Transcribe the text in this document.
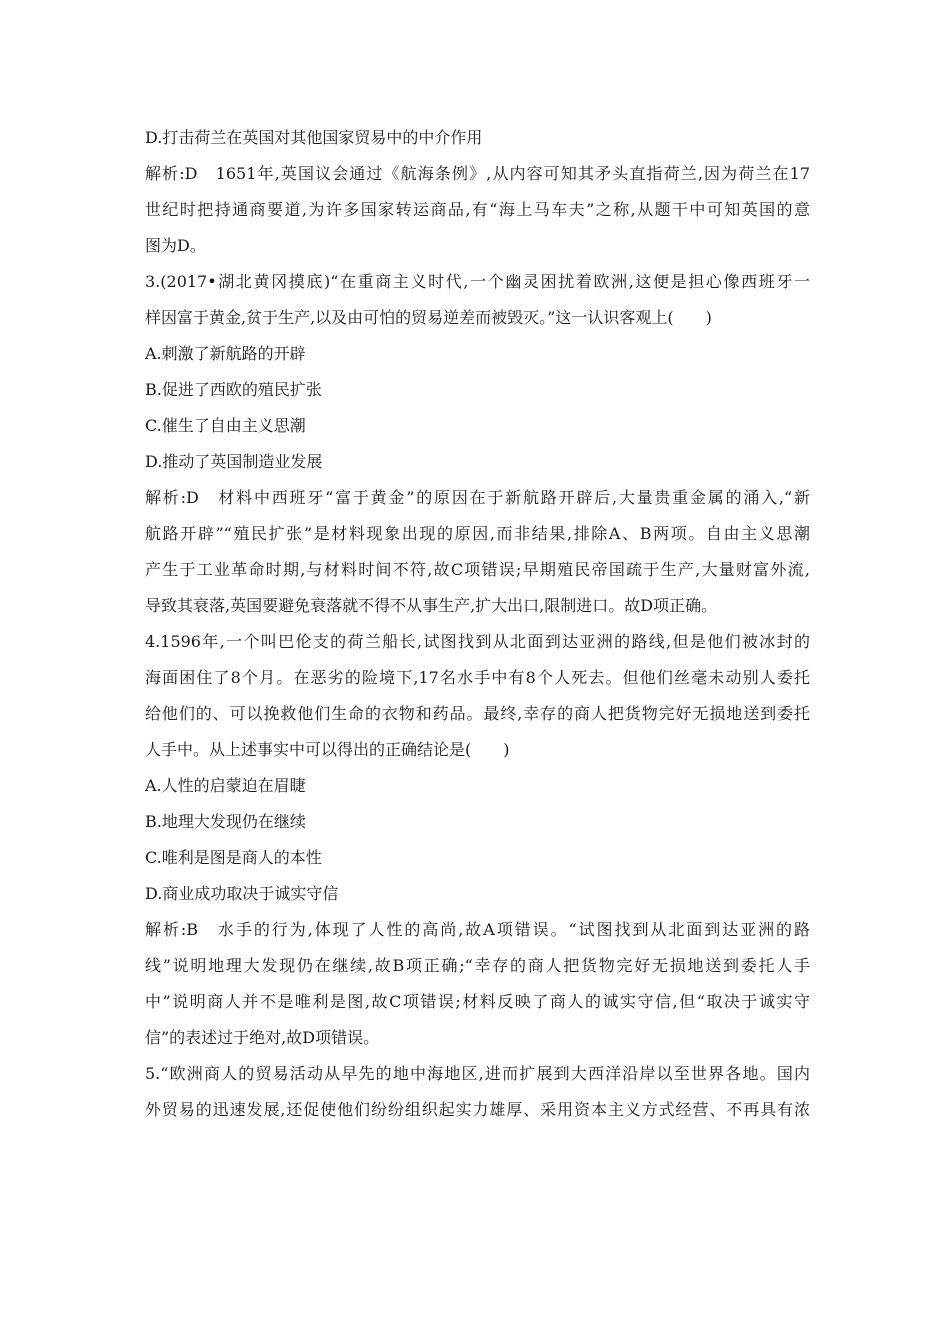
D.打击荷兰在英国对其他国家贸易中的中介作用
解析:D　1651年,英国议会通过《航海条例》,从内容可知其矛头直指荷兰,因为荷兰在17
世纪时把持通商要道,为许多国家转运商品,有“海上马车夫”之称,从题干中可知英国的意
图为D。
3.(2017•湖北黄冈摸底)“在重商主义时代,一个幽灵困扰着欧洲,这便是担心像西班牙一
样因富于黄金,贫于生产,以及由可怕的贸易逆差而被毁灭。”这一认识客观上(　　)
A.刺激了新航路的开辟
B.促进了西欧的殖民扩张
C.催生了自由主义思潮
D.推动了英国制造业发展
解析:D　材料中西班牙“富于黄金”的原因在于新航路开辟后,大量贵重金属的涌入,“新
航路开辟”“殖民扩张”是材料现象出现的原因,而非结果,排除A、B两项。自由主义思潮
产生于工业革命时期,与材料时间不符,故C项错误;早期殖民帝国疏于生产,大量财富外流,
导致其衰落,英国要避免衰落就不得不从事生产,扩大出口,限制进口。故D项正确。
4.1596年,一个叫巴伦支的荷兰船长,试图找到从北面到达亚洲的路线,但是他们被冰封的
海面困住了8个月。在恶劣的险境下,17名水手中有8个人死去。但他们丝毫未动别人委托
给他们的、可以挽救他们生命的衣物和药品。最终,幸存的商人把货物完好无损地送到委托
人手中。从上述事实中可以得出的正确结论是(　　)
A.人性的启蒙迫在眉睫
B.地理大发现仍在继续
C.唯利是图是商人的本性
D.商业成功取决于诚实守信
解析:B　水手的行为,体现了人性的高尚,故A项错误。“试图找到从北面到达亚洲的路
线”说明地理大发现仍在继续,故B项正确;“幸存的商人把货物完好无损地送到委托人手
中”说明商人并不是唯利是图,故C项错误;材料反映了商人的诚实守信,但“取决于诚实守
信”的表述过于绝对,故D项错误。
5.“欧洲商人的贸易活动从早先的地中海地区,进而扩展到大西洋沿岸以至世界各地。国内
外贸易的迅速发展,还促使他们纷纷组织起实力雄厚、采用资本主义方式经营、不再具有浓
